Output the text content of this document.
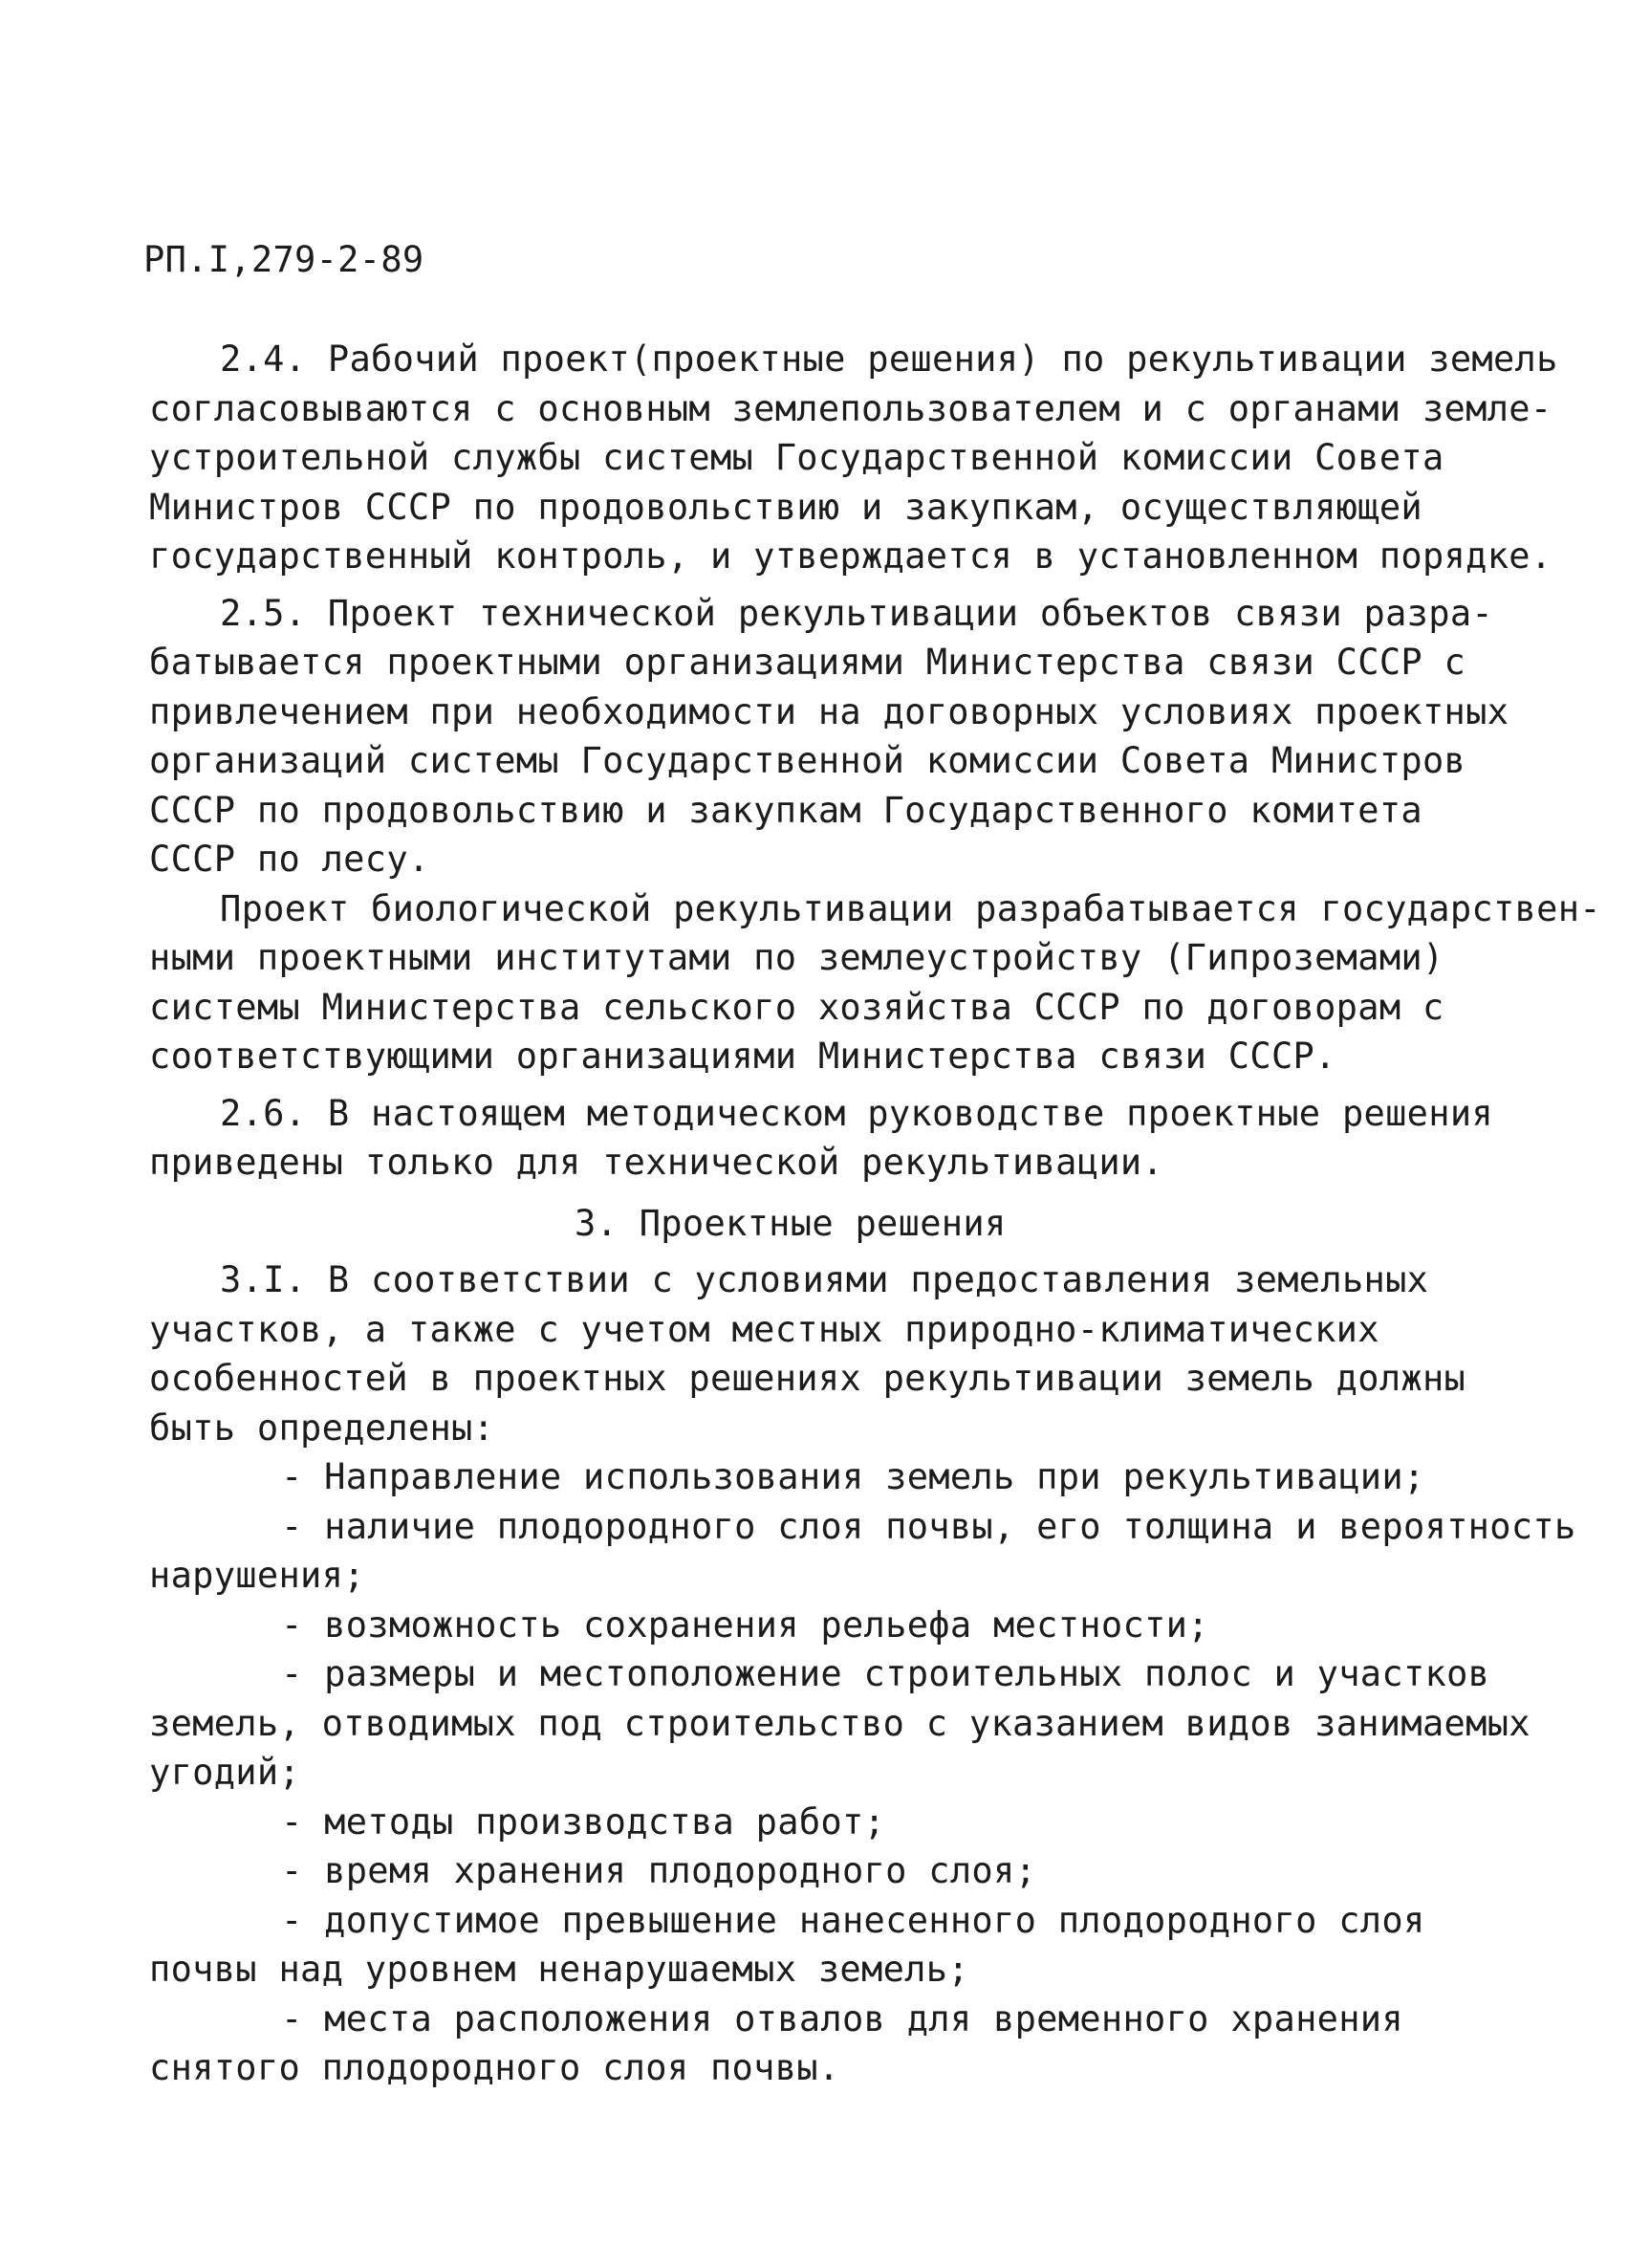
РП.I,279-2-89
2.4. Рабочий проект(проектные решения) по рекультивации земель
согласовываются с основным землепользователем и с органами земле-
устроительной службы системы Государственной комиссии Совета
Министров СССР по продовольствию и закупкам, осуществляющей
государственный контроль, и утверждается в установленном порядке.
2.5. Проект технической рекультивации объектов связи разра-
батывается проектными организациями Министерства связи СССР с
привлечением при необходимости на договорных условиях проектных
организаций системы Государственной комиссии Совета Министров
СССР по продовольствию и закупкам Государственного комитета
СССР по лесу.
Проект биологической рекультивации разрабатывается государствен-
ными проектными институтами по землеустройству (Гипроземами)
системы Министерства сельского хозяйства СССР по договорам с
соответствующими организациями Министерства связи СССР.
2.6. В настоящем методическом руководстве проектные решения
приведены только для технической рекультивации.
3. Проектные решения
3.I. В соответствии с условиями предоставления земельных
участков, а также с учетом местных природно-климатических
особенностей в проектных решениях рекультивации земель должны
быть определены:
- Направление использования земель при рекультивации;
- наличие плодородного слоя почвы, его толщина и вероятность
нарушения;
- возможность сохранения рельефа местности;
- размеры и местоположение строительных полос и участков
земель, отводимых под строительство с указанием видов занимаемых
угодий;
- методы производства работ;
- время хранения плодородного слоя;
- допустимое превышение нанесенного плодородного слоя
почвы над уровнем ненарушаемых земель;
- места расположения отвалов для временного хранения
снятого плодородного слоя почвы.
